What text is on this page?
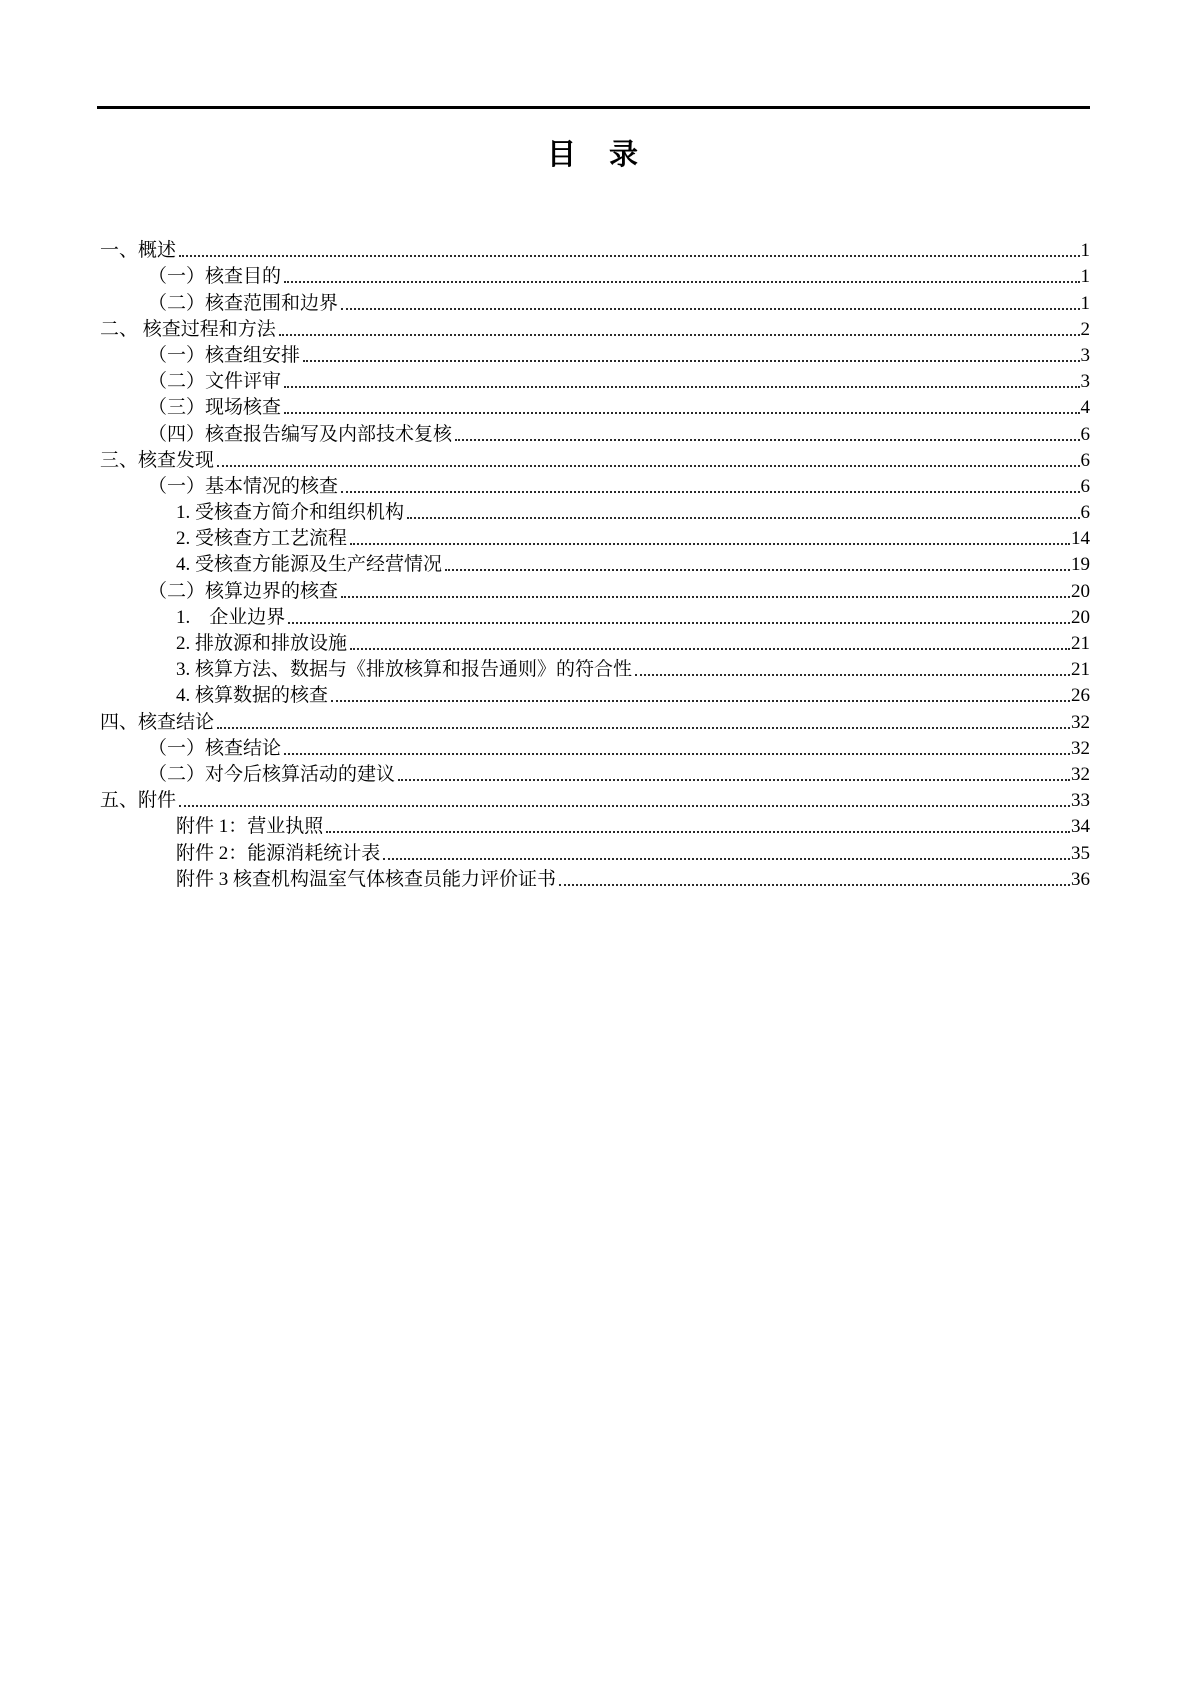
目　录
一、概述	1
（一）核查目的	1
（二）核查范围和边界	1
二、 核查过程和方法	2
（一）核查组安排	3
（二）文件评审	3
（三）现场核查	4
（四）核查报告编写及内部技术复核	6
三、核查发现	6
（一）基本情况的核查	6
1. 受核查方简介和组织机构	6
2. 受核查方工艺流程	14
4. 受核查方能源及生产经营情况	19
（二）核算边界的核查	20
1.　企业边界	20
2. 排放源和排放设施	21
3. 核算方法、数据与《排放核算和报告通则》的符合性	21
4. 核算数据的核查	26
四、核查结论	32
（一）核查结论	32
（二）对今后核算活动的建议	32
五、附件	33
附件 1：营业执照	34
附件 2：能源消耗统计表	35
附件 3 核查机构温室气体核查员能力评价证书	36
